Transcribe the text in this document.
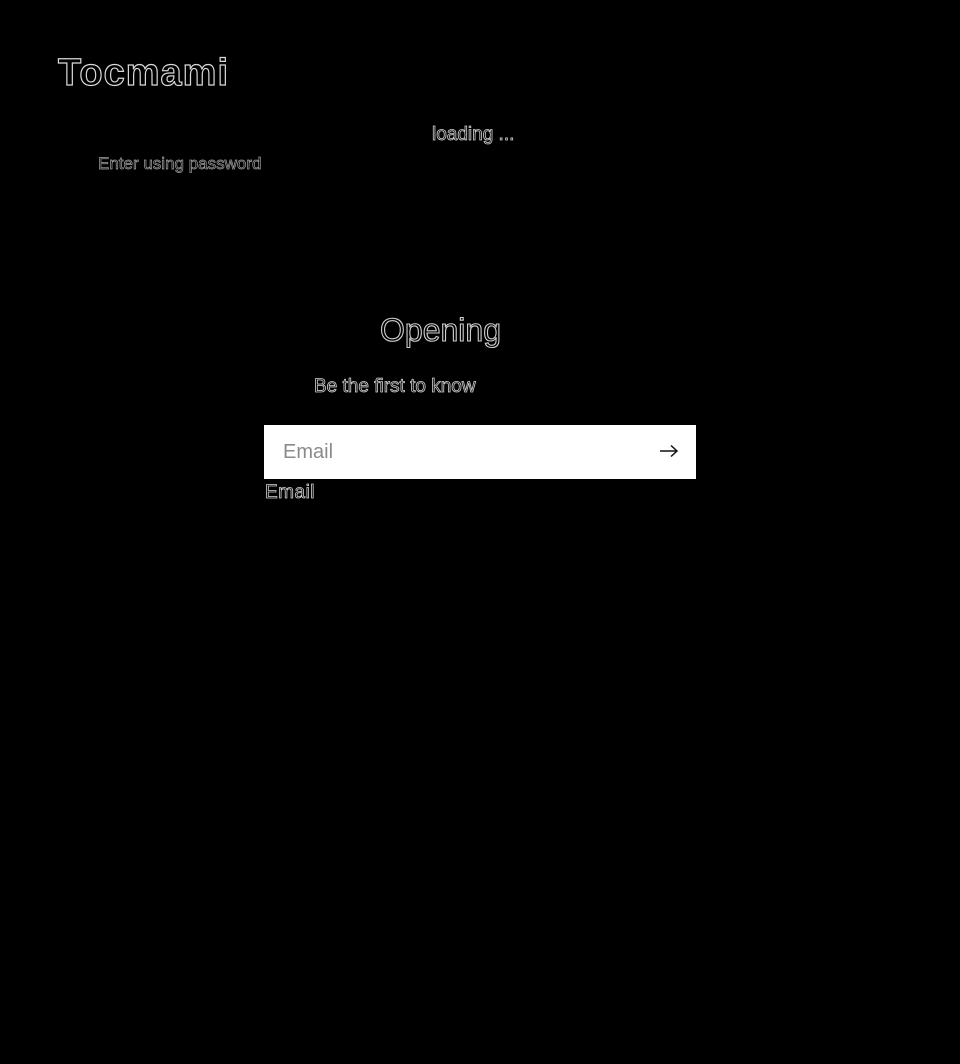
Tocmami
loading ...
Enter using password
Opening

Be the first to know

Email
Email
